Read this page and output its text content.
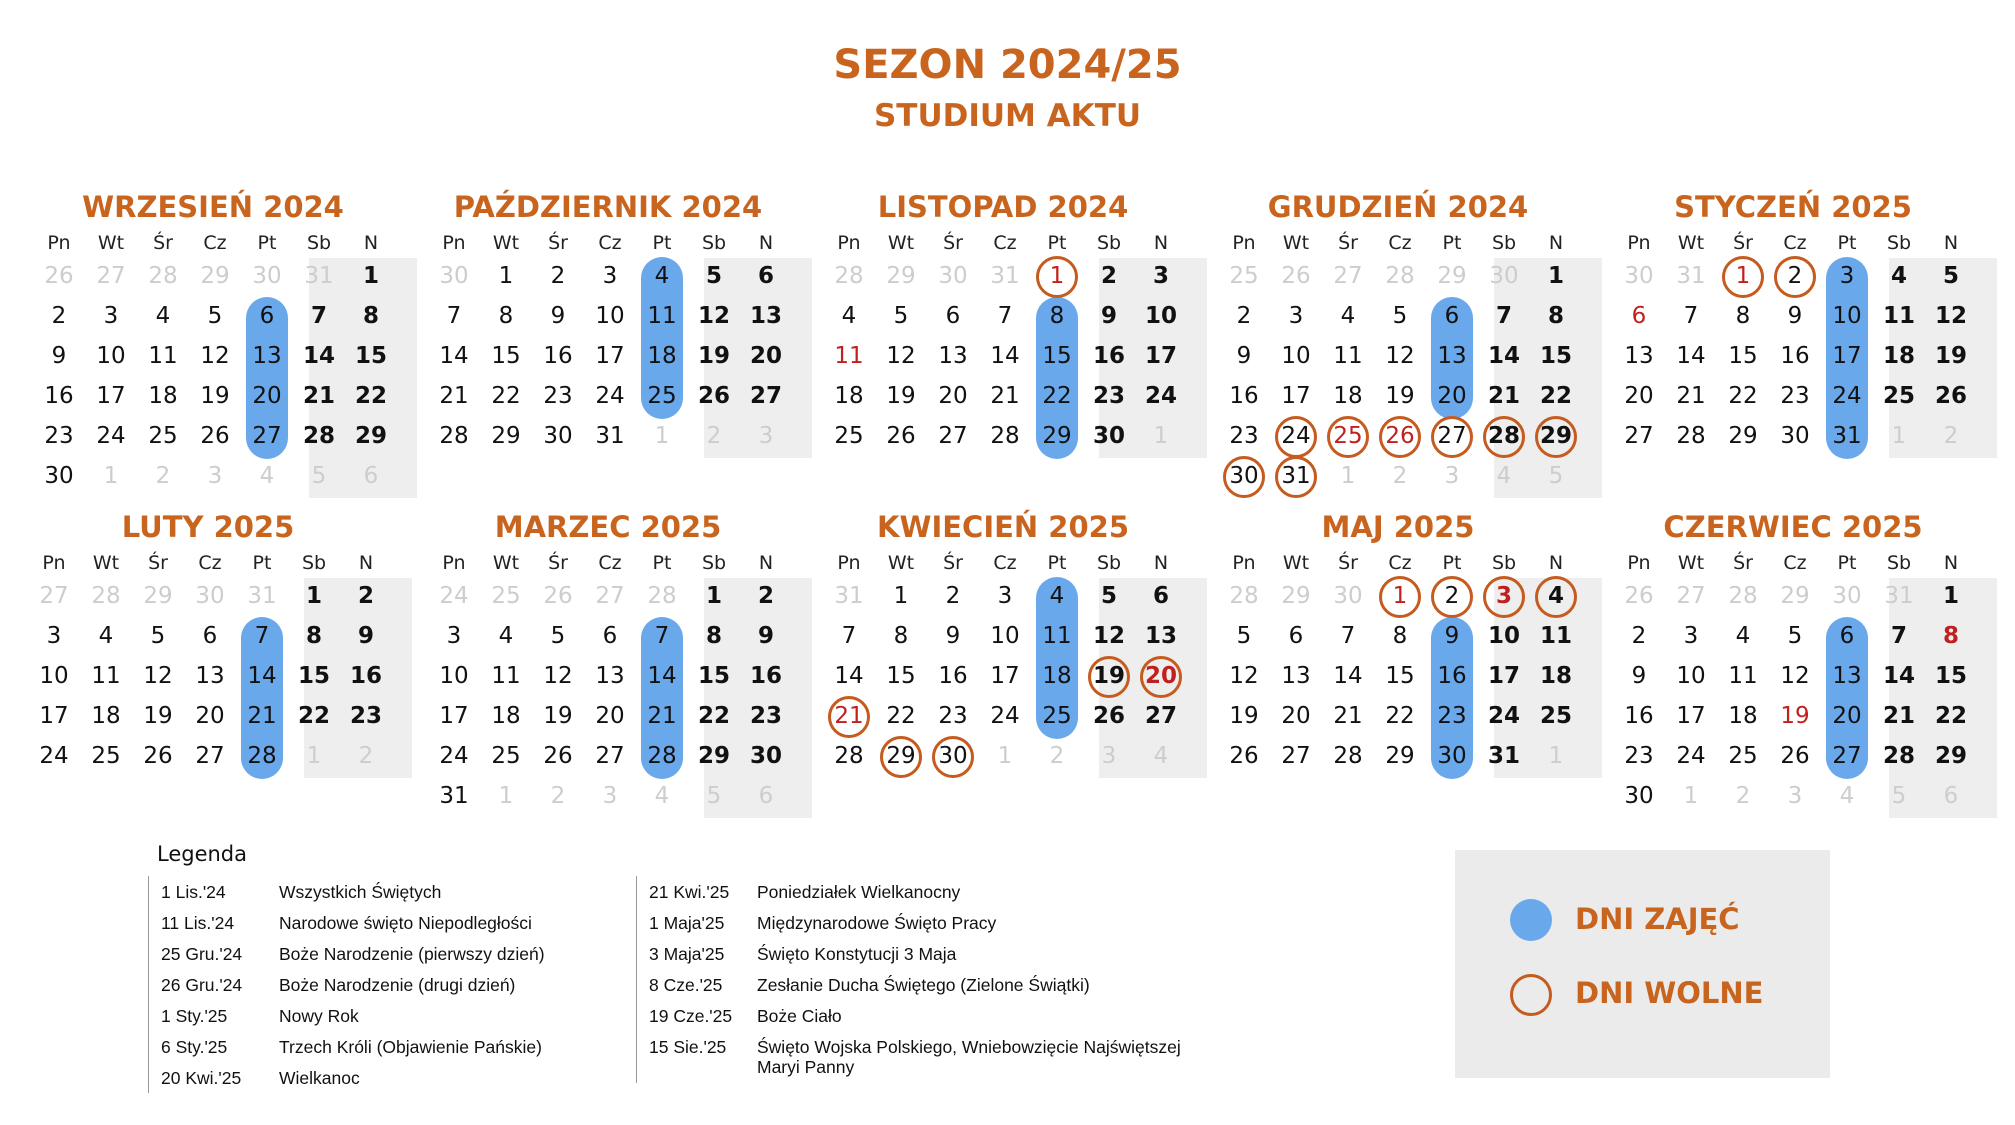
SEZON 2024/25
STUDIUM AKTU
WRZESIEŃ 2024
Pn	Wt	Śr	Cz	Pt	Sb	N
26 27 28 29 30 31	1
2	3	4	5	6	7	8
9	10 11 12 13 14 15
16 17 18 19 20 21 22
23 24 25 26 27 28 29
30	1	2	3	4	5	6
PAŹDZIERNIK 2024
Pn	Wt	Śr	Cz	Pt	Sb	N
30	1	2	3	4	5	6
7	8	9	10 11 12 13
14 15 16 17 18 19 20
21 22 23 24 25 26 27
28 29 30 31	1	2	3
LISTOPAD 2024
Pn	Wt	Śr	Cz	Pt	Sb	N
28 29 30 31	1	2	3
4	5	6	7	8	9	10
11 12 13 14 15 16 17
18 19 20 21 22 23 24
25 26 27 28 29 30	1
GRUDZIEŃ 2024
Pn	Wt	Śr	Cz	Pt	Sb	N
25 26 27 28 29 30	1
2	3	4	5	6	7	8
9	10 11 12 13 14 15
16 17 18 19 20 21 22
23 24 25 26 27 28 29
30 31	1	2	3	4	5
STYCZEŃ 2025
Pn	Wt	Śr	Cz	Pt	Sb	N
30 31	1	2	3	4	5
6	7	8	9	10 11 12
13 14 15 16 17 18 19
20 21 22 23 24 25 26
27 28 29 30 31	1	2
LUTY 2025
Pn	Wt	Śr	Cz	Pt	Sb	N
27 28 29 30 31	1	2
3	4	5	6	7	8	9
10 11 12 13 14 15 16
17 18 19 20 21 22 23
24 25 26 27 28	1	2
MARZEC 2025
Pn	Wt	Śr	Cz	Pt	Sb	N
24 25 26 27 28	1	2
3	4	5	6	7	8	9
10 11 12 13 14 15 16
17 18 19 20 21 22 23
24 25 26 27 28 29 30
31	1	2	3	4	5	6
KWIECIEŃ 2025
Pn	Wt	Śr	Cz	Pt	Sb	N
31	1	2	3	4	5	6
7	8	9	10 11 12 13
14 15 16 17 18 19 20
21 22 23 24 25 26 27
28 29 30	1	2	3	4
MAJ 2025
Pn	Wt	Śr	Cz	Pt	Sb	N
28 29 30	1	2	3	4
5	6	7	8	9	10 11
12 13 14 15 16 17 18
19 20 21 22 23 24 25
26 27 28 29 30 31	1
CZERWIEC 2025
Pn	Wt	Śr	Cz	Pt	Sb	N
26 27 28 29 30 31	1
2	3	4	5	6	7	8
9	10 11 12 13 14 15
16 17 18 19 20 21 22
23 24 25 26 27 28 29
30	1	2	3	4	5	6
Legenda
1 Lis.'24	Wszystkich Świętych
11 Lis.'24	Narodowe święto Niepodległości
25 Gru.'24 Boże Narodzenie (pierwszy dzień)
26 Gru.'24 Boże Narodzenie (drugi dzień)
1 Sty.'25	Nowy Rok
6 Sty.'25	Trzech Króli (Objawienie Pańskie)
20 Kwi.'25 Wielkanoc
21 Kwi.'25 Poniedziałek Wielkanocny
1 Maja'25 Międzynarodowe Święto Pracy
3 Maja'25 Święto Konstytucji 3 Maja
8 Cze.'25 Zesłanie Ducha Świętego (Zielone Świątki)
19 Cze.'25 Boże Ciało
15 Sie.'25 Święto Wojska Polskiego, Wniebowzięcie Najświętszej Maryi Panny
DNI ZAJĘĆ
DNI WOLNE
